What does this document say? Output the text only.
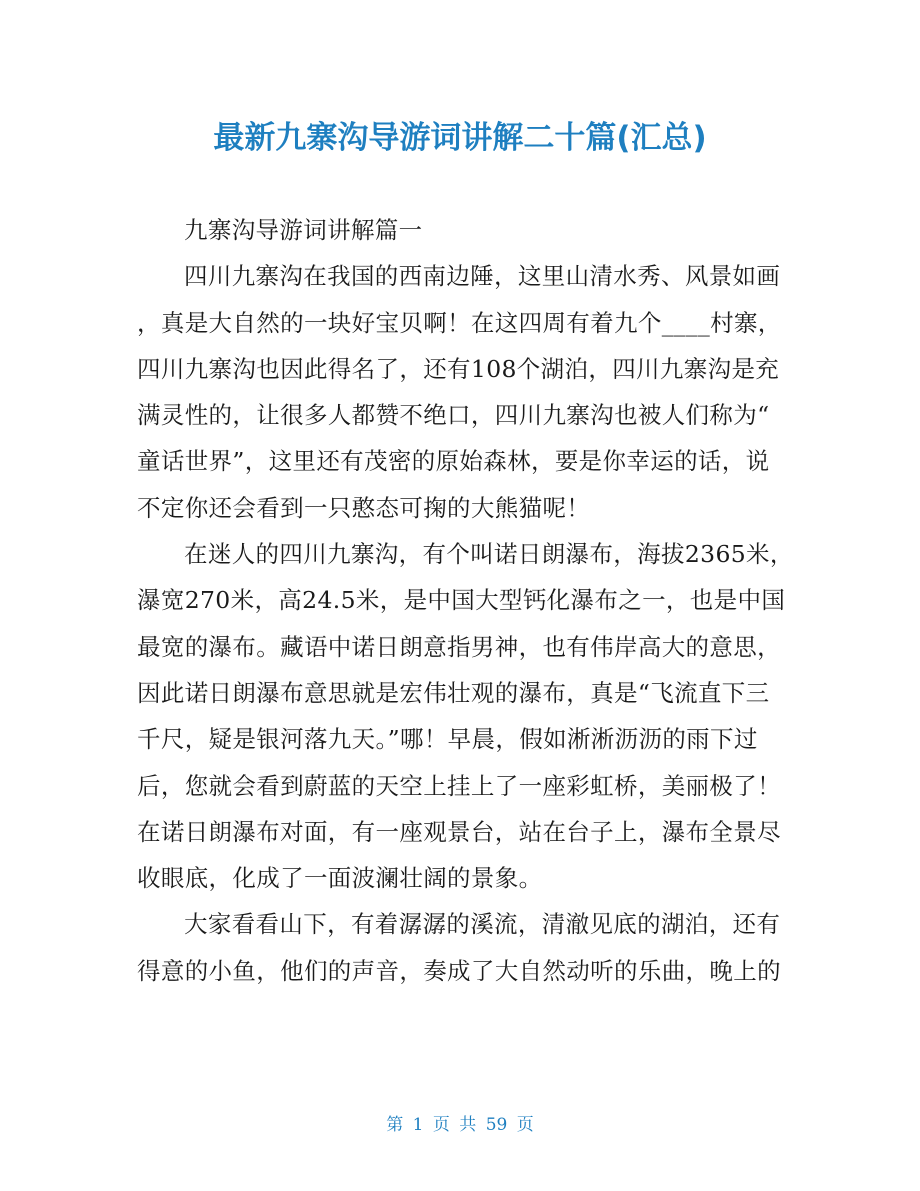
最新九寨沟导游词讲解二十篇(汇总)
九寨沟导游词讲解篇一
四川九寨沟在我国的西南边陲，这里山清水秀、风景如画
，真是大自然的一块好宝贝啊！在这四周有着九个____村寨，
四川九寨沟也因此得名了，还有108个湖泊，四川九寨沟是充
满灵性的，让很多人都赞不绝口，四川九寨沟也被人们称为“
童话世界”，这里还有茂密的原始森林，要是你幸运的话，说
不定你还会看到一只憨态可掬的大熊猫呢！
在迷人的四川九寨沟，有个叫诺日朗瀑布，海拔2365米，
瀑宽270米，高24.5米，是中国大型钙化瀑布之一，也是中国
最宽的瀑布。藏语中诺日朗意指男神，也有伟岸高大的意思，
因此诺日朗瀑布意思就是宏伟壮观的瀑布，真是“飞流直下三
千尺，疑是银河落九天。”哪！早晨，假如淅淅沥沥的雨下过
后，您就会看到蔚蓝的天空上挂上了一座彩虹桥，美丽极了！
在诺日朗瀑布对面，有一座观景台，站在台子上，瀑布全景尽
收眼底，化成了一面波澜壮阔的景象。
大家看看山下，有着潺潺的溪流，清澈见底的湖泊，还有
得意的小鱼，他们的声音，奏成了大自然动听的乐曲，晚上的
第 1 页 共 59 页
